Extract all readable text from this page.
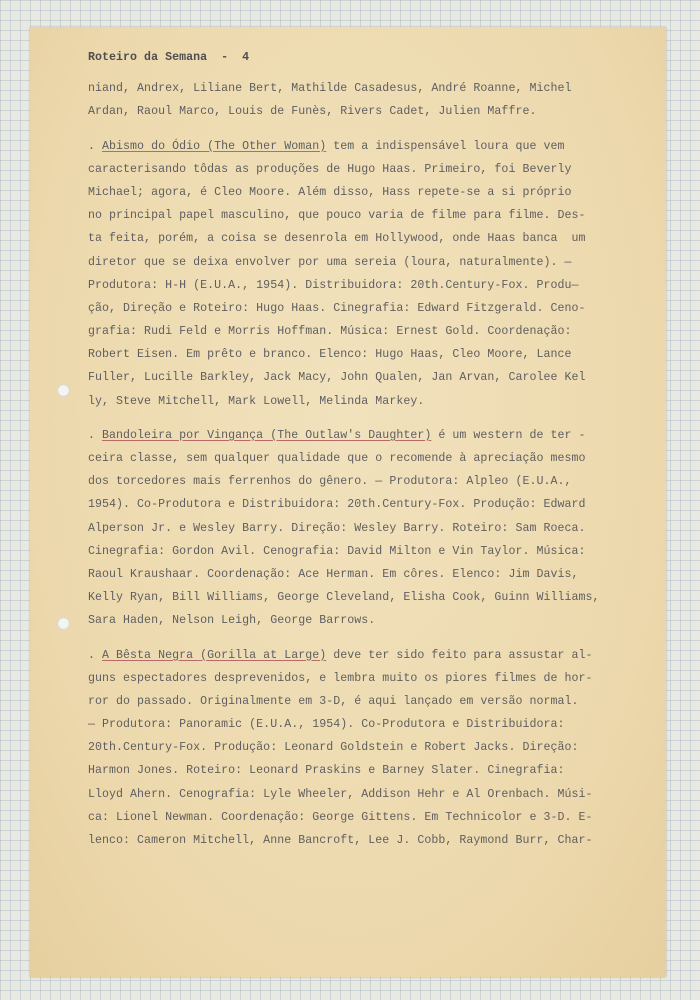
Roteiro da Semana  -  4
niand, Andrex, Liliane Bert, Mathilde Casadesus, André Roanne, Michel
Ardan, Raoul Marco, Louis de Funès, Rivers Cadet, Julien Maffre.
. Abismo do Ódio (The Other Woman) tem a indispensável loura que vem
caracterisando tôdas as produções de Hugo Haas. Primeiro, foi Beverly
Michael; agora, é Cleo Moore. Além disso, Hass repete-se a si próprio
no principal papel masculino, que pouco varia de filme para filme. Des-
ta feita, porém, a coisa se desenrola em Hollywood, onde Haas banca  um
diretor que se deixa envolver por uma sereia (loura, naturalmente). —
Produtora: H-H (E.U.A., 1954). Distribuidora: 20th.Century-Fox. Produ—
ção, Direção e Roteiro: Hugo Haas. Cinegrafia: Edward Fitzgerald. Ceno-
grafia: Rudi Feld e Morris Hoffman. Música: Ernest Gold. Coordenação:
Robert Eisen. Em prêto e branco. Elenco: Hugo Haas, Cleo Moore, Lance
Fuller, Lucille Barkley, Jack Macy, John Qualen, Jan Arvan, Carolee Kel
ly, Steve Mitchell, Mark Lowell, Melinda Markey.
. Bandoleira por Vingança (The Outlaw's Daughter) é um western de ter -
ceira classe, sem qualquer qualidade que o recomende à apreciação mesmo
dos torcedores mais ferrenhos do gênero. — Produtora: Alpleo (E.U.A.,
1954). Co-Produtora e Distribuidora: 20th.Century-Fox. Produção: Edward
Alperson Jr. e Wesley Barry. Direção: Wesley Barry. Rotеiro: Sam Roeca.
Cinegrafia: Gordon Avil. Cenografia: David Milton e Vin Taylor. Música:
Raoul Kraushaar. Coordenação: Ace Herman. Em côres. Elenco: Jim Davis,
Kelly Ryan, Bill Williams, George Cleveland, Elisha Cook, Guinn Williams,
Sara Haden, Nelson Leigh, George Barrows.
. A Bêsta Negra (Gorilla at Large) deve ter sido feito para assustar al-
guns espectadores desprevenidos, e lembra muito os piores filmes de hor-
ror do passado. Originalmente em 3-D, é aqui lançado em versão normal.
— Produtora: Panoramic (E.U.A., 1954). Co-Produtora e Distribuidora:
20th.Century-Fox. Produção: Leonard Goldstein e Robert Jacks. Direção:
Harmon Jones. Roteiro: Leonard Praskins e Barney Slater. Cinegrafia:
Lloyd Ahern. Cenografia: Lyle Wheeler, Addison Hehr e Al Orenbach. Músi-
ca: Lionel Newman. Coordenação: George Gittens. Em Technicolor e 3-D. E-
lenco: Cameron Mitchell, Anne Bancroft, Lee J. Cobb, Raymond Burr, Char-
